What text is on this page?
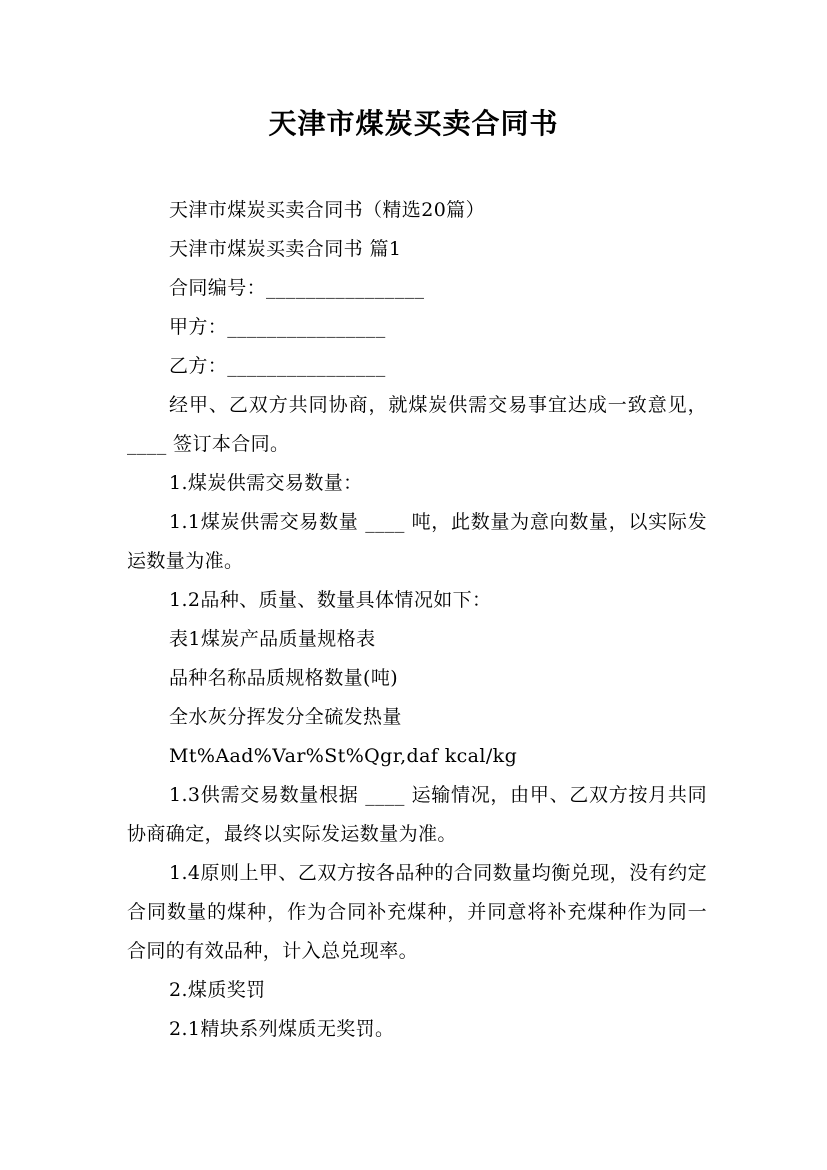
天津市煤炭买卖合同书

天津市煤炭买卖合同书（精选20篇）

天津市煤炭买卖合同书 篇1

合同编号：________________

甲方：________________

乙方：________________

经甲、乙双方共同协商，就煤炭供需交易事宜达成一致意见， ____ 签订本合同。

1.煤炭供需交易数量：

1.1煤炭供需交易数量 ____ 吨，此数量为意向数量，以实际发运数量为准。

1.2品种、质量、数量具体情况如下：

表1煤炭产品质量规格表

品种名称品质规格数量(吨)

全水灰分挥发分全硫发热量

Mt%Aad%Var%St%Qgr,daf kcal/kg

1.3供需交易数量根据 ____ 运输情况，由甲、乙双方按月共同协商确定，最终以实际发运数量为准。

1.4原则上甲、乙双方按各品种的合同数量均衡兑现，没有约定合同数量的煤种，作为合同补充煤种，并同意将补充煤种作为同一合同的有效品种，计入总兑现率。

2.煤质奖罚

2.1精块系列煤质无奖罚。
